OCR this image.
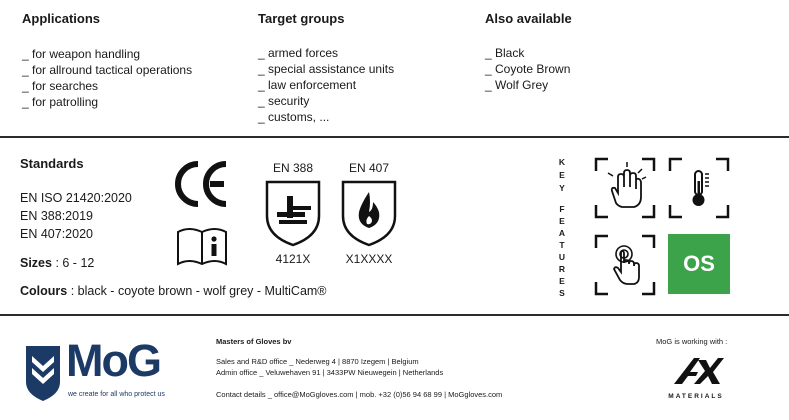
Applications
_ for weapon handling
_ for allround tactical operations
_ for searches
_ for patrolling
Target groups
_ armed forces
_ special assistance units
_ law enforcement
_ security
_ customs, ...
Also available
_ Black
_ Coyote Brown
_ Wolf Grey
Standards
EN ISO 21420:2020
EN 388:2019
EN 407:2020
Sizes : 6 - 12
Colours : black - coyote brown - wolf grey - MultiCam®
EN 388
4121X
EN 407
X1XXXX
K
E
Y
F
E
A
T
U
R
E
S
OS
MoG
we create for all who protect us
Masters of Gloves bv
Sales and R&D office _ Nederweg 4 | 8870 Izegem | Belgium
Admin office _ Veluwehaven 91 | 3433PW Nieuwegein | Netherlands
Contact details _ office@MoGgloves.com | mob. +32 (0)56 94 68 99 | MoGgloves.com
MoG is working with :
MATERIALS
